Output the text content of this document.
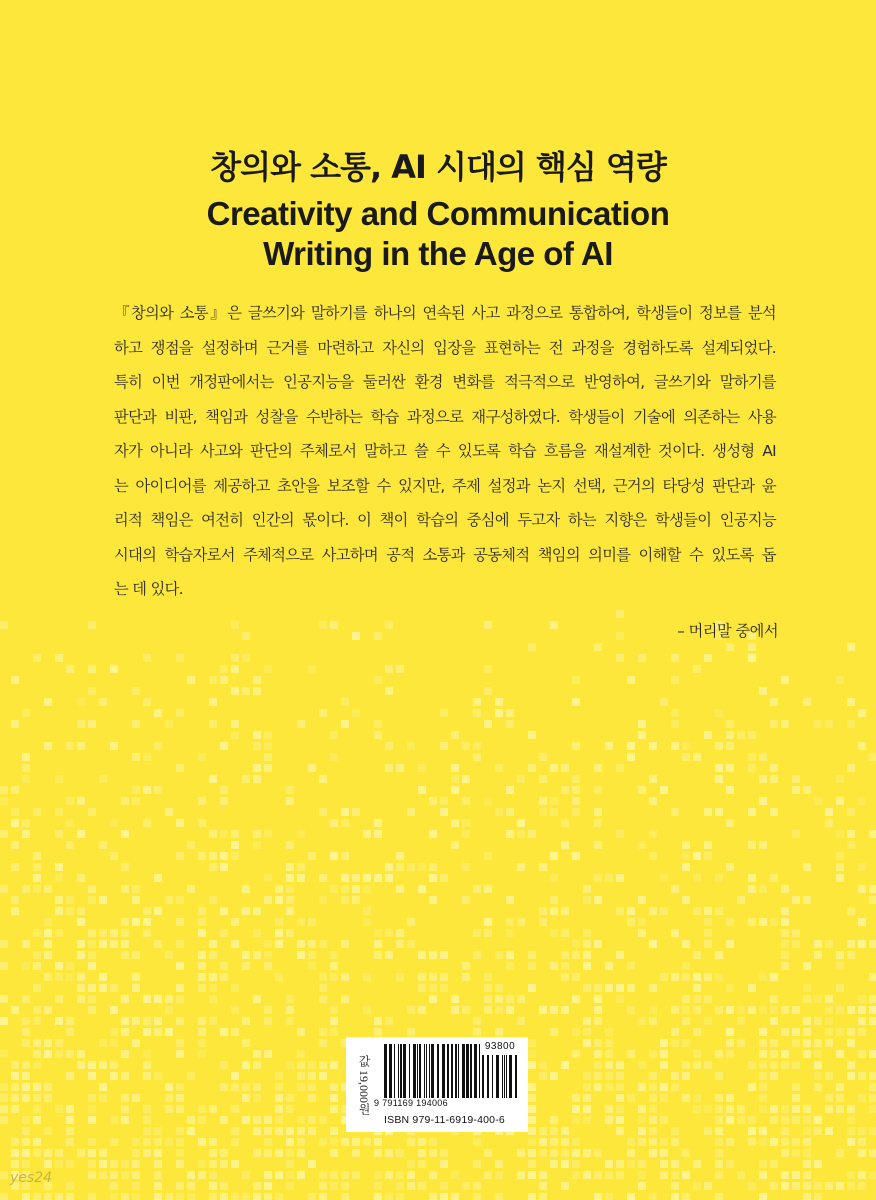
창의와 소통, AI 시대의 핵심 역량
Creativity and Communication
Writing in the Age of AI
『창의와 소통』은 글쓰기와 말하기를 하나의 연속된 사고 과정으로 통합하여, 학생들이 정보를 분석
하고 쟁점을 설정하며 근거를 마련하고 자신의 입장을 표현하는 전 과정을 경험하도록 설계되었다.
특히 이번 개정판에서는 인공지능을 둘러싼 환경 변화를 적극적으로 반영하여, 글쓰기와 말하기를
판단과 비판, 책임과 성찰을 수반하는 학습 과정으로 재구성하였다. 학생들이 기술에 의존하는 사용
자가 아니라 사고와 판단의 주체로서 말하고 쓸 수 있도록 학습 흐름을 재설계한 것이다. 생성형 AI
는 아이디어를 제공하고 초안을 보조할 수 있지만, 주제 설정과 논지 선택, 근거의 타당성 판단과 윤
리적 책임은 여전히 인간의 몫이다. 이 책이 학습의 중심에 두고자 하는 지향은 학생들이 인공지능
시대의 학습자로서 주체적으로 사고하며 공적 소통과 공동체적 책임의 의미를 이해할 수 있도록 돕
는 데 있다.
– 머리말 중에서
값 19,000원
93800
9 791169 194006
ISBN 979-11-6919-400-6
yes24
